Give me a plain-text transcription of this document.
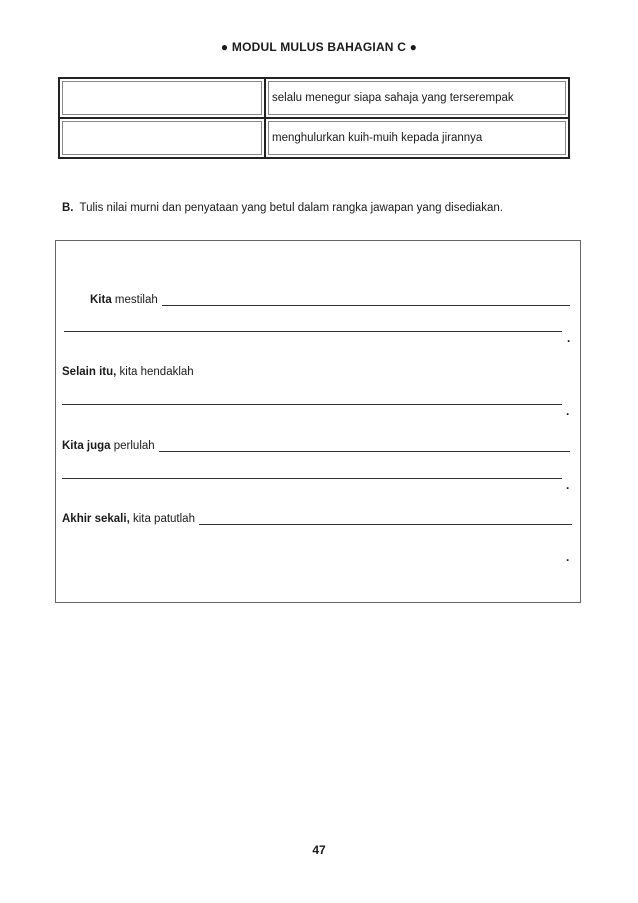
● MODUL MULUS BAHAGIAN C ●
	selalu menegur siapa sahaja yang terserempak
	menghulurkan kuih-muih kepada jirannya
B. Tulis nilai murni dan penyataan yang betul dalam rangka jawapan yang disediakan.
Kita mestilah
.
Selain itu, kita hendaklah
.
Kita juga perlulah
.
Akhir sekali, kita patutlah
.
47
